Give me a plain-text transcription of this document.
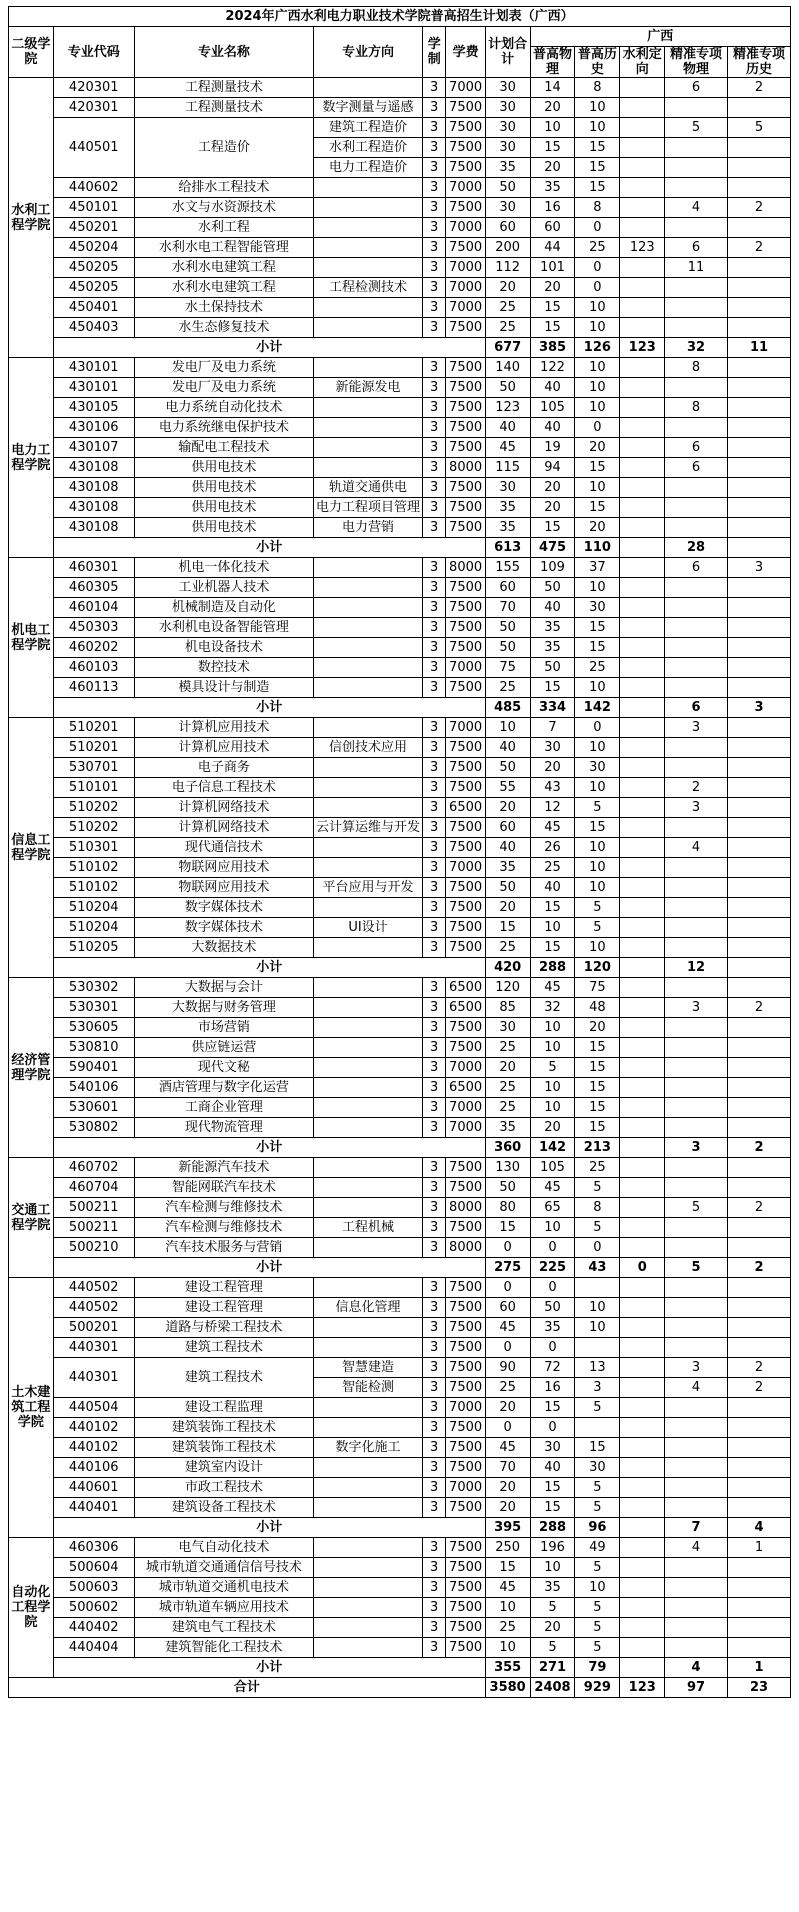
2024年广西水利电力职业技术学院普高招生计划表（广西）											
二级学院	专业代码	专业名称	专业方向	学制	学费	计划合计	广西				
							普高物理	普高历史	水利定向	精准专项物理	精准专项历史
水利工程学院	420301	工程测量技术		3	7000	30	14	8		6	2
	420301	工程测量技术	数字测量与遥感	3	7500	30	20	10			
	440501	工程造价	建筑工程造价	3	7500	30	10	10		5	5
			水利工程造价	3	7500	30	15	15			
			电力工程造价	3	7500	35	20	15			
	440602	给排水工程技术		3	7000	50	35	15			
	450101	水文与水资源技术		3	7500	30	16	8		4	2
	450201	水利工程		3	7000	60	60	0			
	450204	水利水电工程智能管理		3	7500	200	44	25	123	6	2
	450205	水利水电建筑工程		3	7000	112	101	0		11	
	450205	水利水电建筑工程	工程检测技术	3	7000	20	20	0			
	450401	水土保持技术		3	7000	25	15	10			
	450403	水生态修复技术		3	7500	25	15	10			
	小计					677	385	126	123	32	11
电力工程学院	430101	发电厂及电力系统		3	7500	140	122	10		8	
	430101	发电厂及电力系统	新能源发电	3	7500	50	40	10			
	430105	电力系统自动化技术		3	7500	123	105	10		8	
	430106	电力系统继电保护技术		3	7500	40	40	0			
	430107	输配电工程技术		3	7500	45	19	20		6	
	430108	供用电技术		3	8000	115	94	15		6	
	430108	供用电技术	轨道交通供电	3	7500	30	20	10			
	430108	供用电技术	电力工程项目管理	3	7500	35	20	15			
	430108	供用电技术	电力营销	3	7500	35	15	20			
	小计					613	475	110		28	
机电工程学院	460301	机电一体化技术		3	8000	155	109	37		6	3
	460305	工业机器人技术		3	7500	60	50	10			
	460104	机械制造及自动化		3	7500	70	40	30			
	450303	水利机电设备智能管理		3	7500	50	35	15			
	460202	机电设备技术		3	7500	50	35	15			
	460103	数控技术		3	7000	75	50	25			
	460113	模具设计与制造		3	7500	25	15	10			
	小计					485	334	142		6	3
信息工程学院	510201	计算机应用技术		3	7000	10	7	0		3	
	510201	计算机应用技术	信创技术应用	3	7500	40	30	10			
	530701	电子商务		3	7500	50	20	30			
	510101	电子信息工程技术		3	7500	55	43	10		2	
	510202	计算机网络技术		3	6500	20	12	5		3	
	510202	计算机网络技术	云计算运维与开发	3	7500	60	45	15			
	510301	现代通信技术		3	7500	40	26	10		4	
	510102	物联网应用技术		3	7000	35	25	10			
	510102	物联网应用技术	平台应用与开发	3	7500	50	40	10			
	510204	数字媒体技术		3	7500	20	15	5			
	510204	数字媒体技术	UI设计	3	7500	15	10	5			
	510205	大数据技术		3	7500	25	15	10			
	小计					420	288	120		12	
经济管理学院	530302	大数据与会计		3	6500	120	45	75			
	530301	大数据与财务管理		3	6500	85	32	48		3	2
	530605	市场营销		3	7500	30	10	20			
	530810	供应链运营		3	7500	25	10	15			
	590401	现代文秘		3	7000	20	5	15			
	540106	酒店管理与数字化运营		3	6500	25	10	15			
	530601	工商企业管理		3	7000	25	10	15			
	530802	现代物流管理		3	7000	35	20	15			
	小计					360	142	213		3	2
交通工程学院	460702	新能源汽车技术		3	7500	130	105	25			
	460704	智能网联汽车技术		3	7500	50	45	5			
	500211	汽车检测与维修技术		3	8000	80	65	8		5	2
	500211	汽车检测与维修技术	工程机械	3	7500	15	10	5			
	500210	汽车技术服务与营销		3	8000	0	0	0			
	小计					275	225	43	0	5	2
土木建筑工程学院	440502	建设工程管理		3	7500	0	0				
	440502	建设工程管理	信息化管理	3	7500	60	50	10			
	500201	道路与桥梁工程技术		3	7500	45	35	10			
	440301	建筑工程技术		3	7500	0	0				
	440301	建筑工程技术	智慧建造	3	7500	90	72	13		3	2
			智能检测	3	7500	25	16	3		4	2
	440504	建设工程监理		3	7000	20	15	5			
	440102	建筑装饰工程技术		3	7500	0	0				
	440102	建筑装饰工程技术	数字化施工	3	7500	45	30	15			
	440106	建筑室内设计		3	7500	70	40	30			
	440601	市政工程技术		3	7000	20	15	5			
	440401	建筑设备工程技术		3	7500	20	15	5			
	小计					395	288	96		7	4
自动化工程学院	460306	电气自动化技术		3	7500	250	196	49		4	1
	500604	城市轨道交通通信信号技术		3	7500	15	10	5			
	500603	城市轨道交通机电技术		3	7500	45	35	10			
	500602	城市轨道车辆应用技术		3	7500	10	5	5			
	440402	建筑电气工程技术		3	7500	25	20	5			
	440404	建筑智能化工程技术		3	7500	10	5	5			
	小计					355	271	79		4	1
合计						3580	2408	929	123	97	23
